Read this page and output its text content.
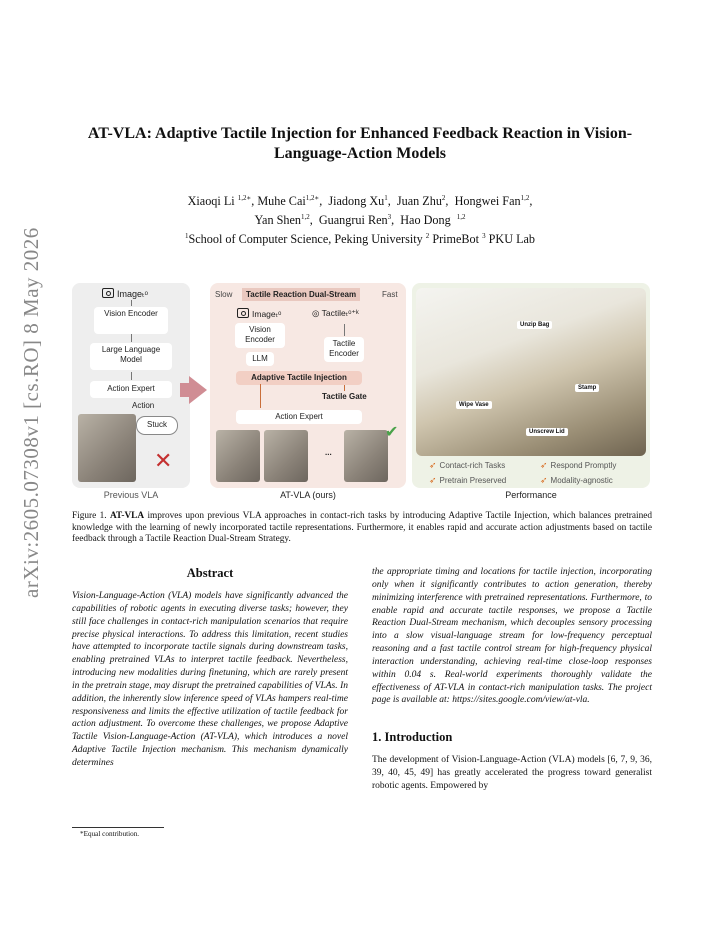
arXiv:2605.07308v1 [cs.RO] 8 May 2026
AT-VLA: Adaptive Tactile Injection for Enhanced Feedback Reaction in Vision-Language-Action Models
Xiaoqi Li $^{1,2∗}$, Muhe Cai$^{1,2∗}$,  Jiadong Xu$^1$,  Juan Zhu$^2$,  Hongwei Fan$^{1,2}$,
Yan Shen$^{1,2}$,  Guangrui Ren$^3$,  Hao Dong  $^{1,2}$
$^1$School of Computer Science, Peking University $^2$ PrimeBot $^3$ PKU Lab
Imageₜᵒ
Vision Encoder
Large Language Model
Action Expert
Action
Stuck
✕
Previous VLA
Slow	Tactile Reaction Dual-Stream	Fast
Imageₜᵒ	◎ Tactileₜᵒ⁺ᵏ
Vision Encoder
LLM
Tactile Encoder
Adaptive Tactile Injection
Tactile Gate
Action Expert
...
✔
AT-VLA (ours)
Unzip Bag
Stamp
Wipe Vase
Unscrew Lid
➶ Contact-rich Tasks	➶ Respond Promptly
➶ Pretrain Preserved	➶ Modality-agnostic
Performance
Figure 1. AT-VLA improves upon previous VLA approaches in contact-rich tasks by introducing Adaptive Tactile Injection, which balances pretrained knowledge with the learning of newly incorporated tactile representations. Furthermore, it enables rapid and accurate action adjustments based on tactile feedback through a Tactile Reaction Dual-Stream Strategy.
Abstract

Vision-Language-Action (VLA) models have significantly advanced the capabilities of robotic agents in executing diverse tasks; however, they still face challenges in contact-rich manipulation scenarios that require precise physical interactions. To address this limitation, recent studies have attempted to incorporate tactile signals during downstream tasks, enabling pretrained VLAs to interpret tactile feedback. Nevertheless, introducing new modalities during finetuning, which are rarely present in the pretrain stage, may disrupt the pretrained capabilities of VLAs. In addition, the inherently slow inference speed of VLAs hampers real-time responsiveness and limits the effective utilization of tactile feedback for action adjustment. To overcome these challenges, we propose Adaptive Tactile Vision-Language-Action (AT-VLA), which introduces a novel Adaptive Tactile Injection mechanism. This mechanism dynamically determines

the appropriate timing and locations for tactile injection, incorporating only when it significantly contributes to action generation, thereby minimizing interference with pretrained representations. Furthermore, to enable rapid and accurate tactile responses, we propose a Tactile Reaction Dual-Stream mechanism, which decouples sensory processing into a slow visual-language stream for low-frequency perceptual reasoning and a fast tactile control stream for high-frequency physical interaction understanding, achieving real-time close-loop responses within 0.04 s. Real-world experiments thoroughly validate the effectiveness of AT-VLA in contact-rich manipulation tasks. The project page is available at: https://sites.google.com/view/at-vla.

1. Introduction

The development of Vision-Language-Action (VLA) models [6, 7, 9, 36, 39, 40, 45, 49] has greatly accelerated the progress toward generalist robotic agents. Empowered by

*Equal contribution.
